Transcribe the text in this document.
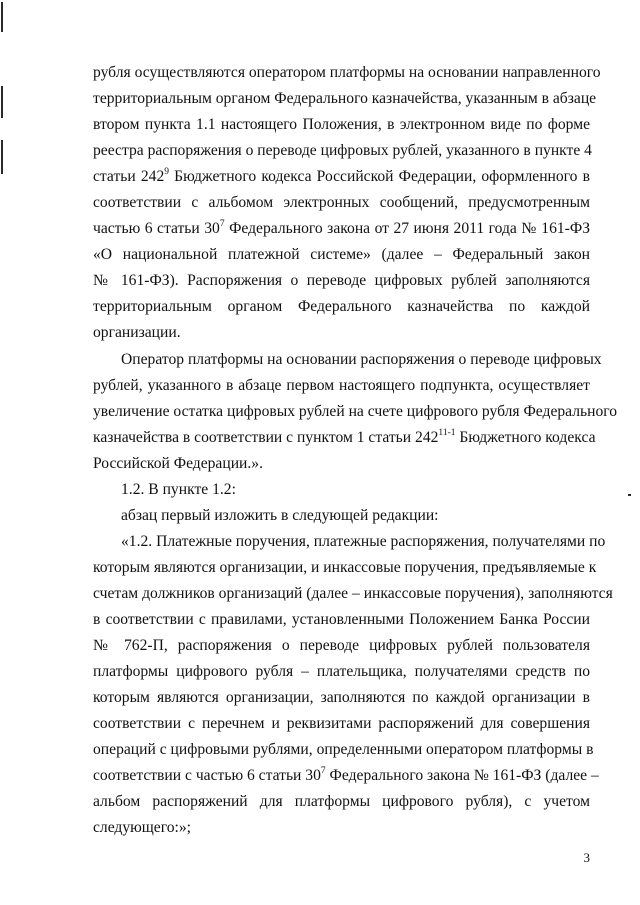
рубля осуществляются оператором платформы на основании направленного

территориальным органом Федерального казначейства, указанным в абзаце

втором пункта 1.1 настоящего Положения, в электронном виде по форме

реестра распоряжения о переводе цифровых рублей, указанного в пункте 4

статьи $242^9$ Бюджетного кодекса Российской Федерации, оформленного в

соответствии с альбомом электронных сообщений, предусмотренным

частью 6 статьи $30^7$ Федерального закона от 27 июня 2011 года № 161-ФЗ

«О национальной платежной системе» (далее – Федеральный закон

№ 161-ФЗ). Распоряжения о переводе цифровых рублей заполняются

территориальным органом Федерального казначейства по каждой

организации.

Оператор платформы на основании распоряжения о переводе цифровых

рублей, указанного в абзаце первом настоящего подпункта, осуществляет

увеличение остатка цифровых рублей на счете цифрового рубля Федерального

казначейства в соответствии с пунктом 1 статьи 242$^{11-1}$ Бюджетного кодекса

Российской Федерации.».

1.2. В пункте 1.2:

абзац первый изложить в следующей редакции:

«1.2. Платежные поручения, платежные распоряжения, получателями по

которым являются организации, и инкассовые поручения, предъявляемые к

счетам должников организаций (далее – инкассовые поручения), заполняются

в соответствии с правилами, установленными Положением Банка России

№ 762-П, распоряжения о переводе цифровых рублей пользователя

платформы цифрового рубля – плательщика, получателями средств по

которым являются организации, заполняются по каждой организации в

соответствии с перечнем и реквизитами распоряжений для совершения

операций с цифровыми рублями, определенными оператором платформы в

соответствии с частью 6 статьи $30^7$ Федерального закона № 161-ФЗ (далее –

альбом распоряжений для платформы цифрового рубля), с учетом

следующего:»;

3
